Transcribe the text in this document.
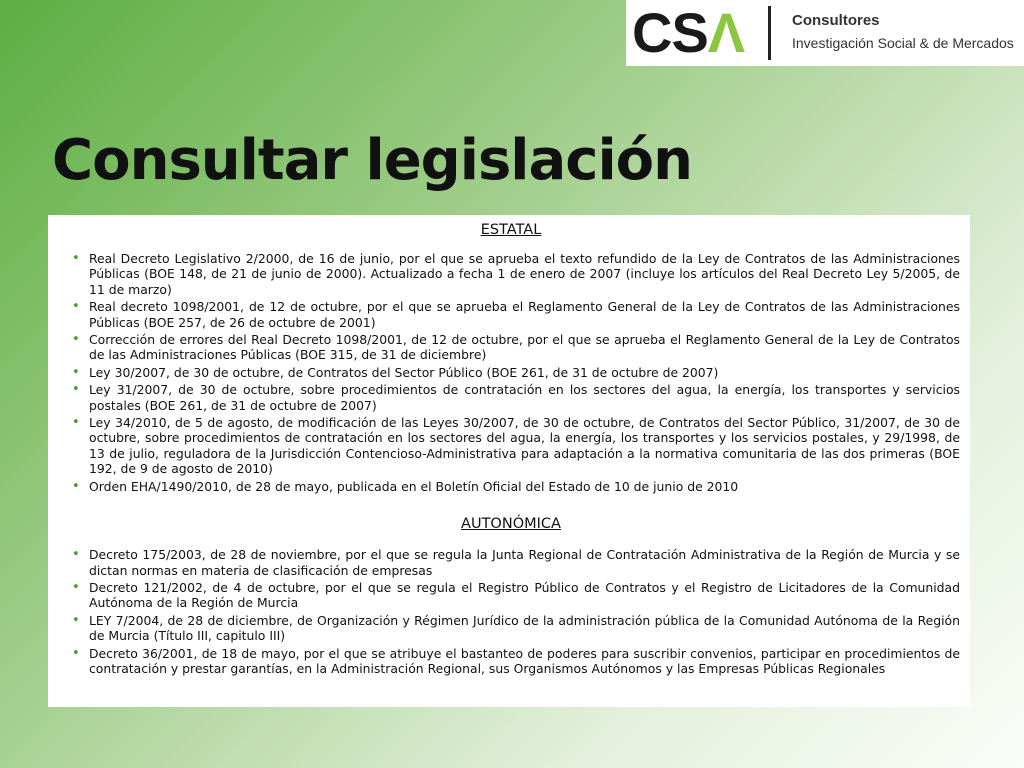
CSΛ	Consultores
Investigación Social & de Mercados
Consultar legislación

ESTATAL

• Real Decreto Legislativo 2/2000, de 16 de junio, por el que se aprueba el texto refundido de la Ley de Contratos de las Administraciones Públicas (BOE 148, de 21 de junio de 2000). Actualizado a fecha 1 de enero de 2007 (incluye los artículos del Real Decreto Ley 5/2005, de 11 de marzo)
• Real decreto 1098/2001, de 12 de octubre, por el que se aprueba el Reglamento General de la Ley de Contratos de las Administraciones Públicas (BOE 257, de 26 de octubre de 2001)
• Corrección de errores del Real Decreto 1098/2001, de 12 de octubre, por el que se aprueba el Reglamento General de la Ley de Contratos de las Administraciones Públicas (BOE 315, de 31 de diciembre)
• Ley 30/2007, de 30 de octubre, de Contratos del Sector Público (BOE 261, de 31 de octubre de 2007)
• Ley 31/2007, de 30 de octubre, sobre procedimientos de contratación en los sectores del agua, la energía, los transportes y servicios postales (BOE 261, de 31 de octubre de 2007)
• Ley 34/2010, de 5 de agosto, de modificación de las Leyes 30/2007, de 30 de octubre, de Contratos del Sector Público, 31/2007, de 30 de octubre, sobre procedimientos de contratación en los sectores del agua, la energía, los transportes y los servicios postales, y 29/1998, de 13 de julio, reguladora de la Jurisdicción Contencioso-Administrativa para adaptación a la normativa comunitaria de las dos primeras (BOE 192, de 9 de agosto de 2010)
• Orden EHA/1490/2010, de 28 de mayo, publicada en el Boletín Oficial del Estado de 10 de junio de 2010

AUTONÓMICA

• Decreto 175/2003, de 28 de noviembre, por el que se regula la Junta Regional de Contratación Administrativa de la Región de Murcia y se dictan normas en materia de clasificación de empresas
• Decreto 121/2002, de 4 de octubre, por el que se regula el Registro Público de Contratos y el Registro de Licitadores de la Comunidad Autónoma de la Región de Murcia
• LEY 7/2004, de 28 de diciembre, de Organización y Régimen Jurídico de la administración pública de la Comunidad Autónoma de la Región de Murcia (Título III, capitulo III)
• Decreto 36/2001, de 18 de mayo, por el que se atribuye el bastanteo de poderes para suscribir convenios, participar en procedimientos de contratación y prestar garantías, en la Administración Regional, sus Organismos Autónomos y las Empresas Públicas Regionales
